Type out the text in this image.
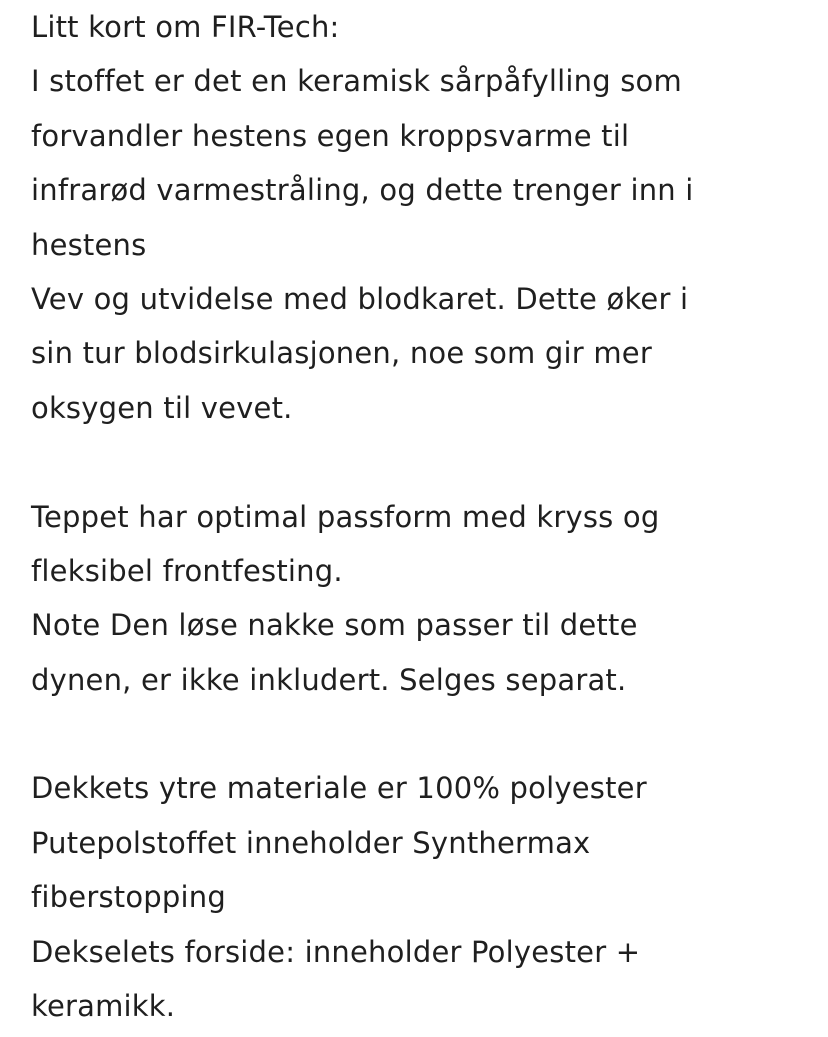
Litt kort om FIR-Tech:
I stoffet er det en keramisk sårpåfylling som
forvandler hestens egen kroppsvarme til
infrarød varmestråling, og dette trenger inn i
hestens
Vev og utvidelse med blodkaret. Dette øker i
sin tur blodsirkulasjonen, noe som gir mer
oksygen til vevet.
Teppet har optimal passform med kryss og
fleksibel frontfesting.
Note Den løse nakke som passer til dette
dynen, er ikke inkludert. Selges separat.
Dekkets ytre materiale er 100% polyester
Putepolstoffet inneholder Synthermax
fiberstopping
Dekselets forside: inneholder Polyester +
keramikk.
